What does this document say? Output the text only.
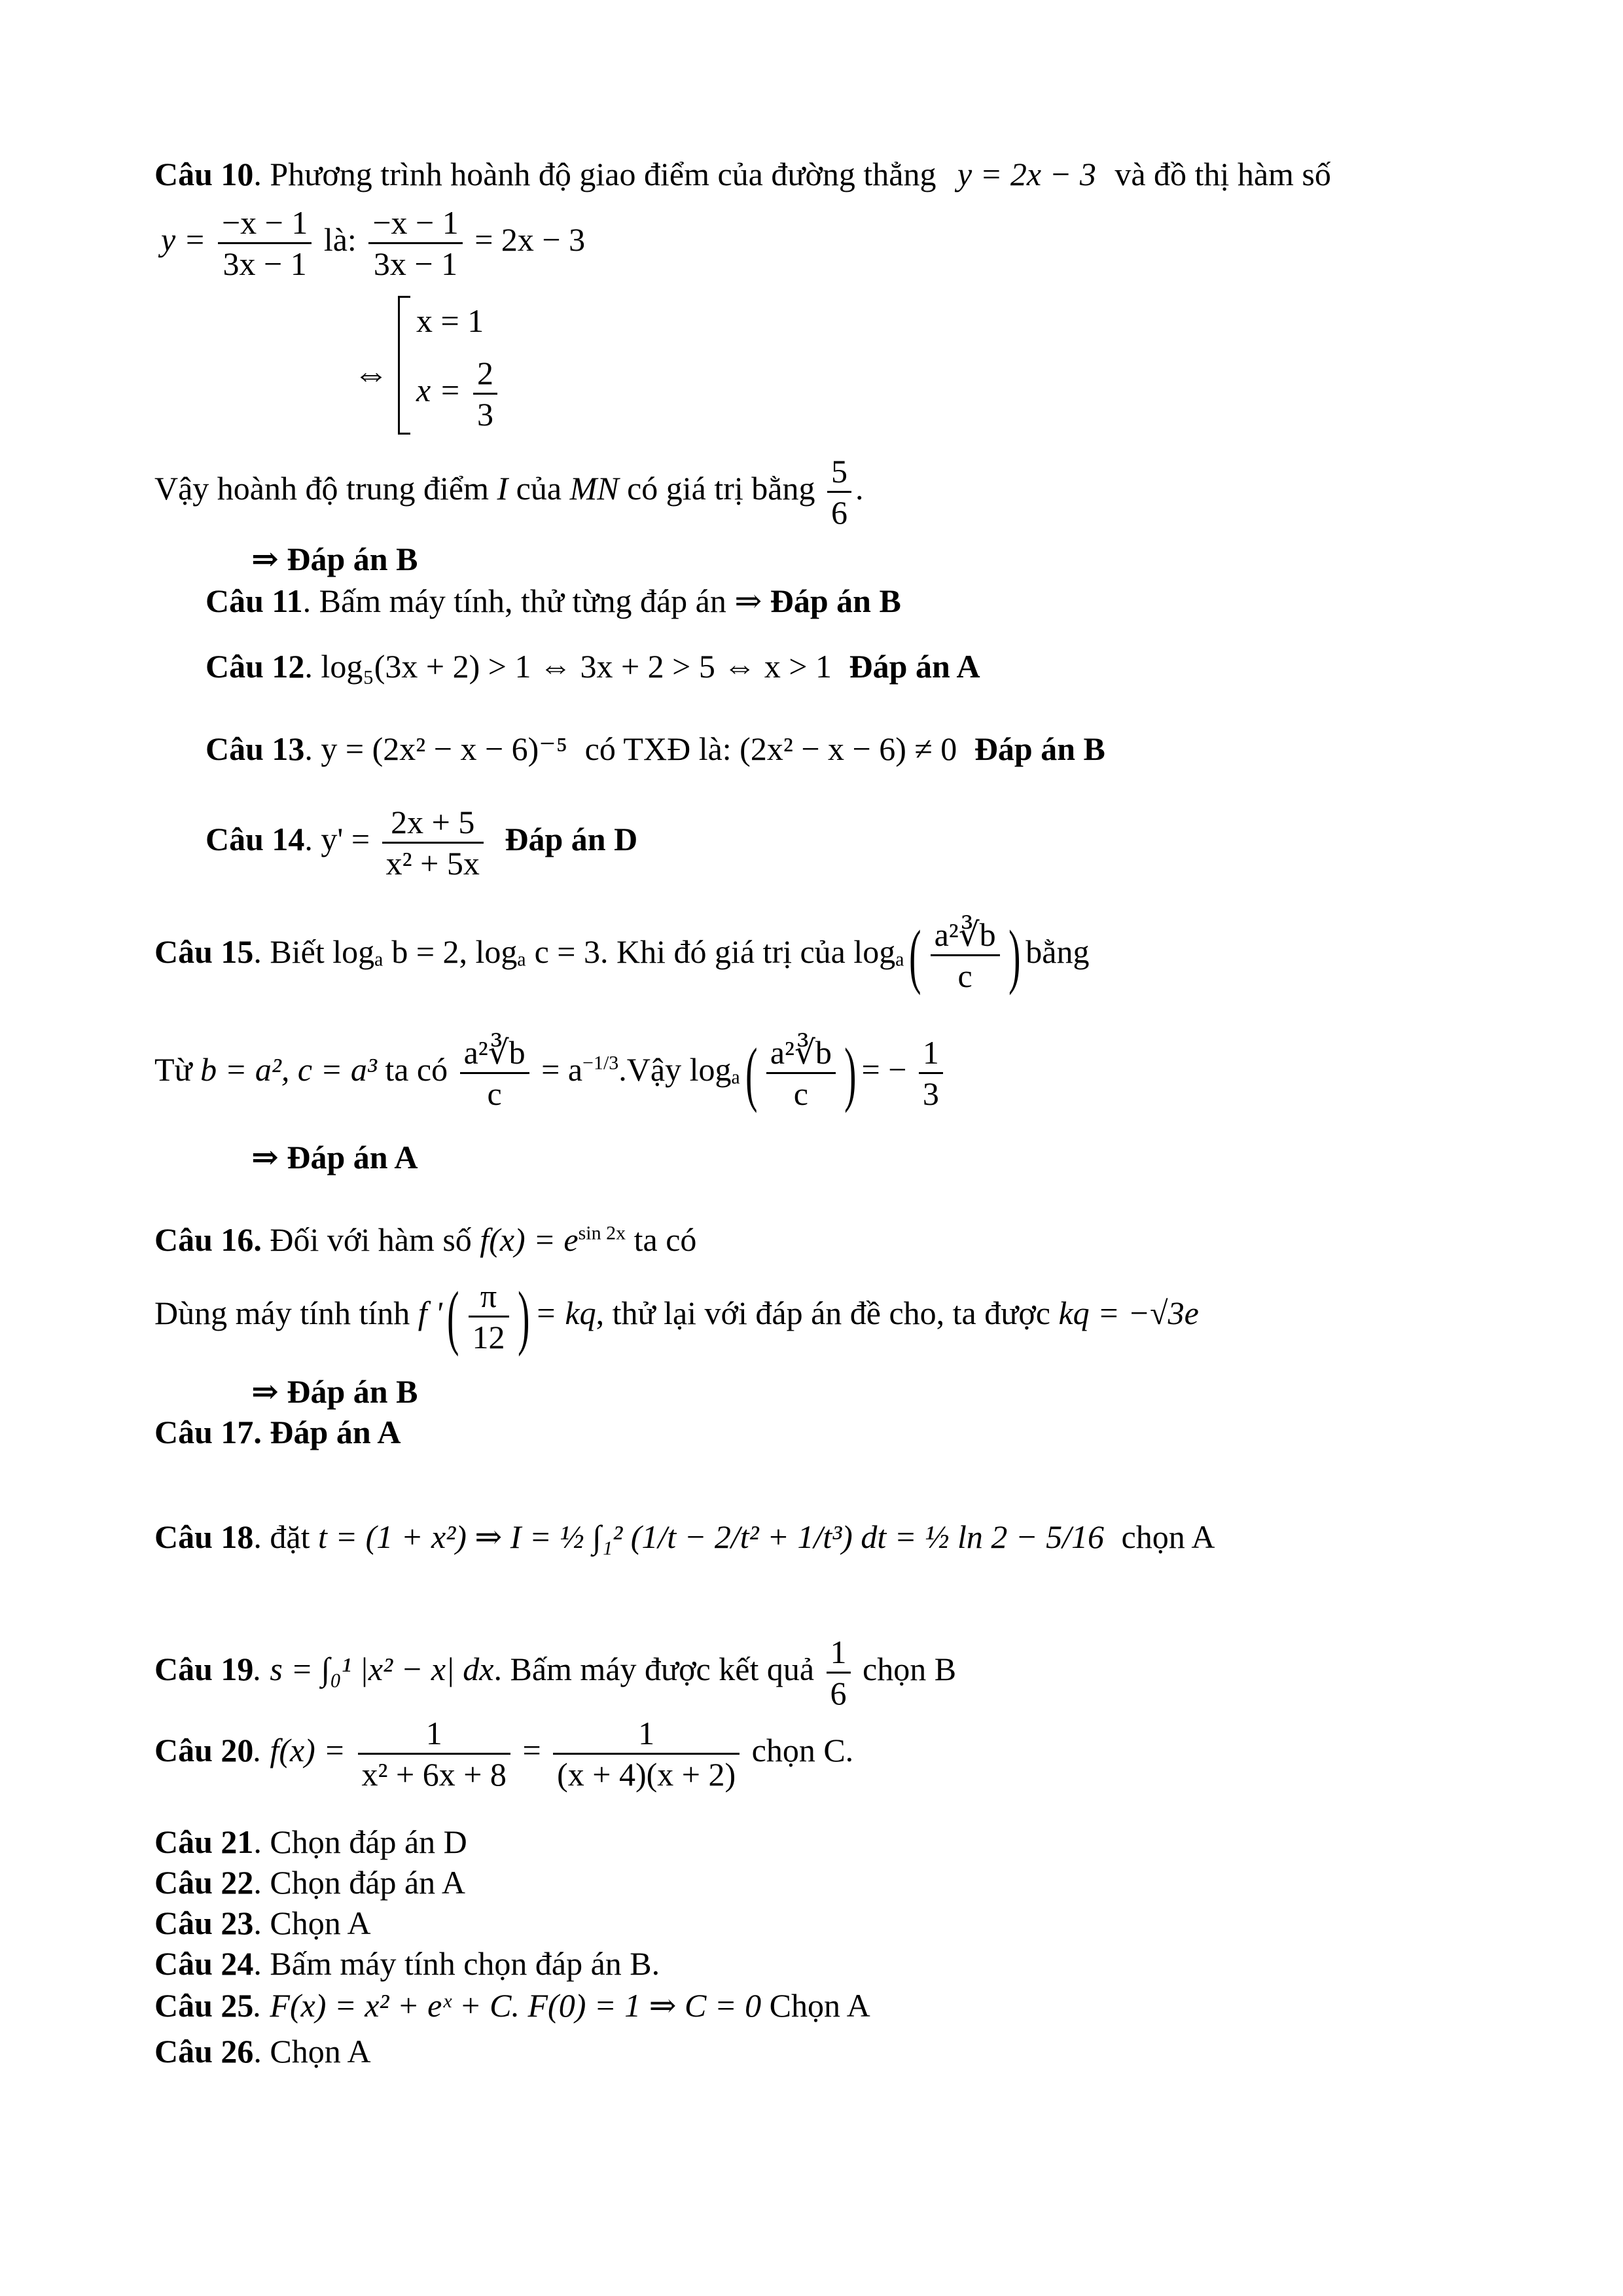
Câu 10. Phương trình hoành độ giao điểm của đường thẳng y = 2x − 3 và đồ thị hàm số
$y = \frac{-x - 1}{3x - 1}$ là: $\frac{-x - 1}{3x - 1} = 2x - 3$
⇔
x = 1
$x = \frac{2}{3}$
Vậy hoành độ trung điểm I của MN có giá trị bằng $\frac{5}{6}$ .
⇒ Đáp án B
Câu 11. Bấm máy tính, thử từng đáp án ⇒ Đáp án B
Câu 12. log₅(3x + 2) > 1 ⇔ 3x + 2 > 5 ⇔ x > 1 Đáp án A
Câu 13. y = (2x² − x − 6)⁻⁵ có TXĐ là: (2x² − x − 6) ≠ 0 Đáp án B
Câu 14. $y' = \frac{2x + 5}{\text{x² + 5x}}$ Đáp án D
Câu 15. Biết logₐ b = 2, logₐ c = 3. Khi đó giá trị của logₐ ( $\frac{\text{a²∛b}}{c}$ ) bằng
Từ b = a², c = a³ ta có $\frac{\text{a²∛b}}{c}$ = $a^{-1/3}.Vậy$ logₐ ( $\frac{\text{a²∛b}}{c}$ ) = − $\frac{1}{3}$
⇒ Đáp án A
Câu 16. Đối với hàm số $f(x) = e^{sin 2x}$ ta có
Dùng máy tính tính f ' ( $\frac{\pi}{12}$ ) = kq, thử lại với đáp án đề cho, ta được kq = −√3e
⇒ Đáp án B
Câu 17. Đáp án A
Câu 18. đặt t = (1 + x²) ⇒ I = ½ ∫₁² (1/t − 2/t² + 1/t³) dt = ½ ln 2 − 5/16 chọn A
Câu 19. s = ∫₀¹ |x² − x| dx. Bấm máy được kết quả $\frac{1}{6}$ chọn B
Câu 20. $f(x) = \frac{1}{\text{x² + 6x + 8}} = \frac{1}{(x + 4)(x + 2)}$ chọn C.
Câu 21. Chọn đáp án D
Câu 22. Chọn đáp án A
Câu 23. Chọn A
Câu 24. Bấm máy tính chọn đáp án B.
Câu 25. F(x) = x² + eˣ + C. F(0) = 1 ⇒ C = 0 Chọn A
Câu 26. Chọn A
